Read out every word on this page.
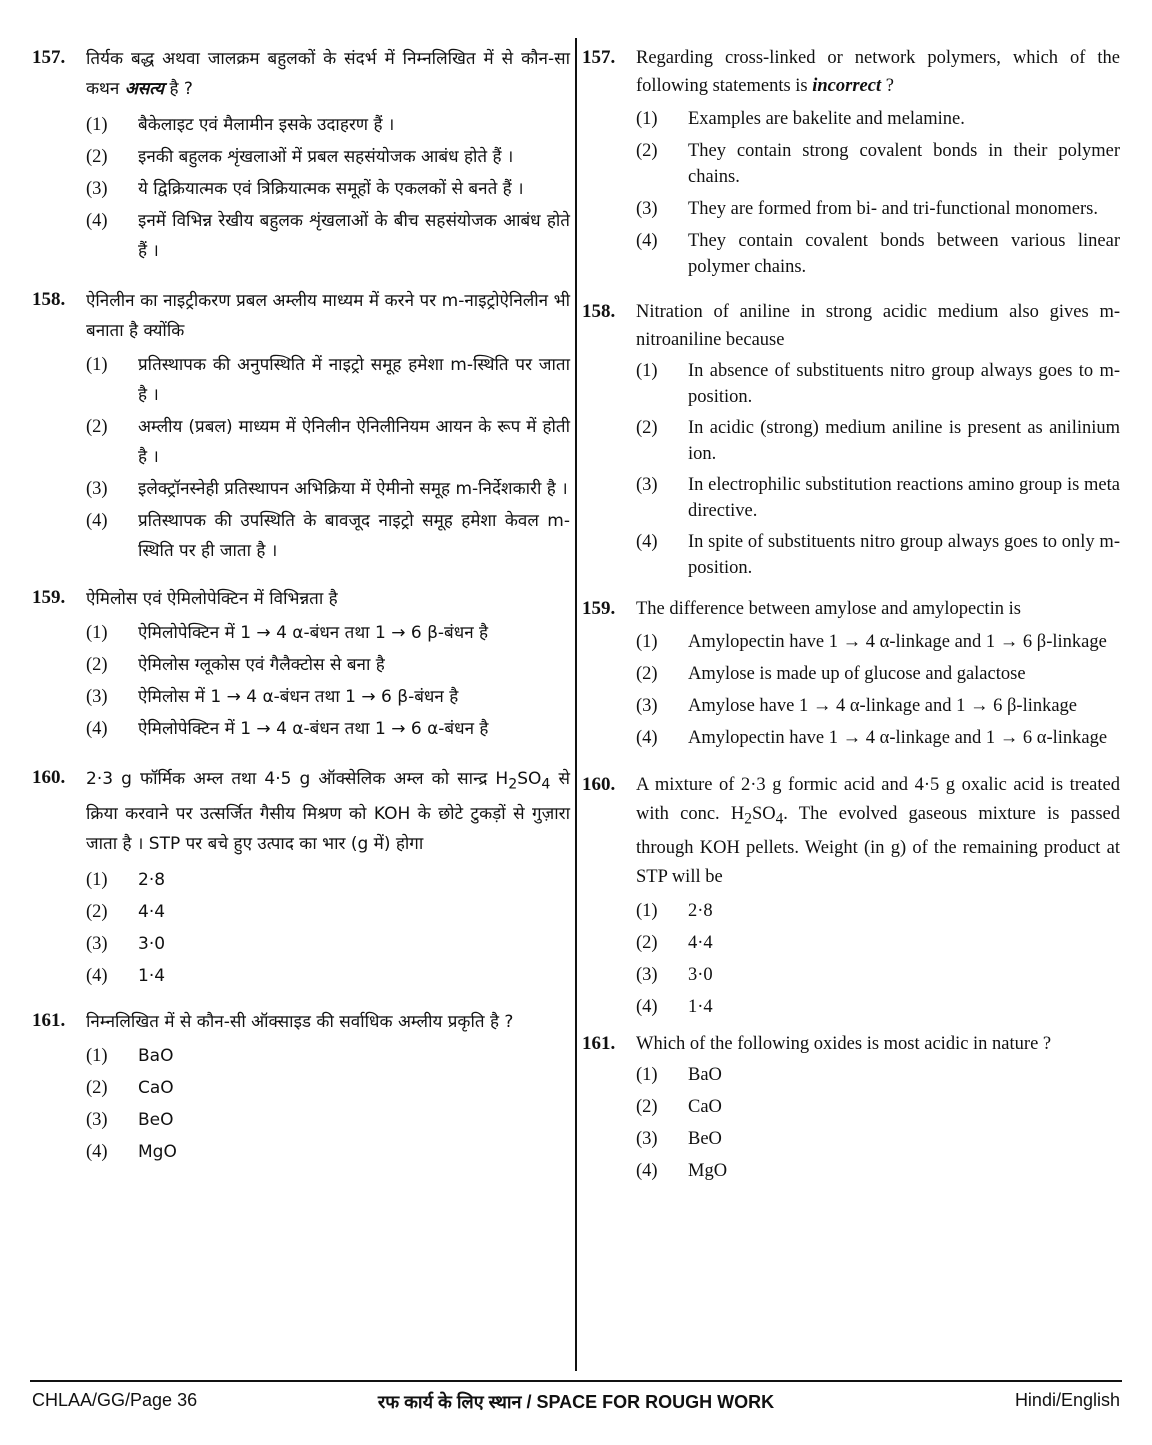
157.	तिर्यक बद्ध अथवा जालक्रम बहुलकों के संदर्भ में निम्नलिखित में से कौन-सा कथन असत्य है ?
(1)	बैकेलाइट एवं मैलामीन इसके उदाहरण हैं ।
(2)	इनकी बहुलक शृंखलाओं में प्रबल सहसंयोजक आबंध होते हैं ।
(3)	ये द्विक्रियात्मक एवं त्रिक्रियात्मक समूहों के एकलकों से बनते हैं ।
(4)	इनमें विभिन्न रेखीय बहुलक शृंखलाओं के बीच सहसंयोजक आबंध होते हैं ।
158.	ऐनिलीन का नाइट्रीकरण प्रबल अम्लीय माध्यम में करने पर m-नाइट्रोऐनिलीन भी बनाता है क्योंकि
(1)	प्रतिस्थापक की अनुपस्थिति में नाइट्रो समूह हमेशा m-स्थिति पर जाता है ।
(2)	अम्लीय (प्रबल) माध्यम में ऐनिलीन ऐनिलीनियम आयन के रूप में होती है ।
(3)	इलेक्ट्रॉनस्नेही प्रतिस्थापन अभिक्रिया में ऐमीनो समूह m-निर्देशकारी है ।
(4)	प्रतिस्थापक की उपस्थिति के बावजूद नाइट्रो समूह हमेशा केवल m-स्थिति पर ही जाता है ।
159.	ऐमिलोस एवं ऐमिलोपेक्टिन में विभिन्नता है
(1)	ऐमिलोपेक्टिन में 1 → 4 α-बंधन तथा 1 → 6 β-बंधन है
(2)	ऐमिलोस ग्लूकोस एवं गैलैक्टोस से बना है
(3)	ऐमिलोस में 1 → 4 α-बंधन तथा 1 → 6 β-बंधन है
(4)	ऐमिलोपेक्टिन में 1 → 4 α-बंधन तथा 1 → 6 α-बंधन है
160.	2·3 g फॉर्मिक अम्ल तथा 4·5 g ऑक्सेलिक अम्ल को सान्द्र $H_2SO_4$ से क्रिया करवाने पर उत्सर्जित गैसीय मिश्रण को KOH के छोटे टुकड़ों से गुज़ारा जाता है । STP पर बचे हुए उत्पाद का भार (g में) होगा
(1)	2·8
(2)	4·4
(3)	3·0
(4)	1·4
161.	निम्नलिखित में से कौन-सी ऑक्साइड की सर्वाधिक अम्लीय प्रकृति है ?
(1)	BaO
(2)	CaO
(3)	BeO
(4)	MgO
157.	Regarding cross-linked or network polymers, which of the following statements is incorrect ?
(1)	Examples are bakelite and melamine.
(2)	They contain strong covalent bonds in their polymer chains.
(3)	They are formed from bi- and tri-functional monomers.
(4)	They contain covalent bonds between various linear polymer chains.
158.	Nitration of aniline in strong acidic medium also gives m-nitroaniline because
(1)	In absence of substituents nitro group always goes to m-position.
(2)	In acidic (strong) medium aniline is present as anilinium ion.
(3)	In electrophilic substitution reactions amino group is meta directive.
(4)	In spite of substituents nitro group always goes to only m-position.
159.	The difference between amylose and amylopectin is
(1)	Amylopectin have 1 → 4 α-linkage and 1 → 6 β-linkage
(2)	Amylose is made up of glucose and galactose
(3)	Amylose have 1 → 4 α-linkage and 1 → 6 β-linkage
(4)	Amylopectin have 1 → 4 α-linkage and 1 → 6 α-linkage
160.	A mixture of 2·3 g formic acid and 4·5 g oxalic acid is treated with conc. $H_2SO_4$. The evolved gaseous mixture is passed through KOH pellets. Weight (in g) of the remaining product at STP will be
(1)	2·8
(2)	4·4
(3)	3·0
(4)	1·4
161.	Which of the following oxides is most acidic in nature ?
(1)	BaO
(2)	CaO
(3)	BeO
(4)	MgO
CHLAA/GG/Page 36	रफ कार्य के लिए स्थान / SPACE FOR ROUGH WORK	Hindi/English
